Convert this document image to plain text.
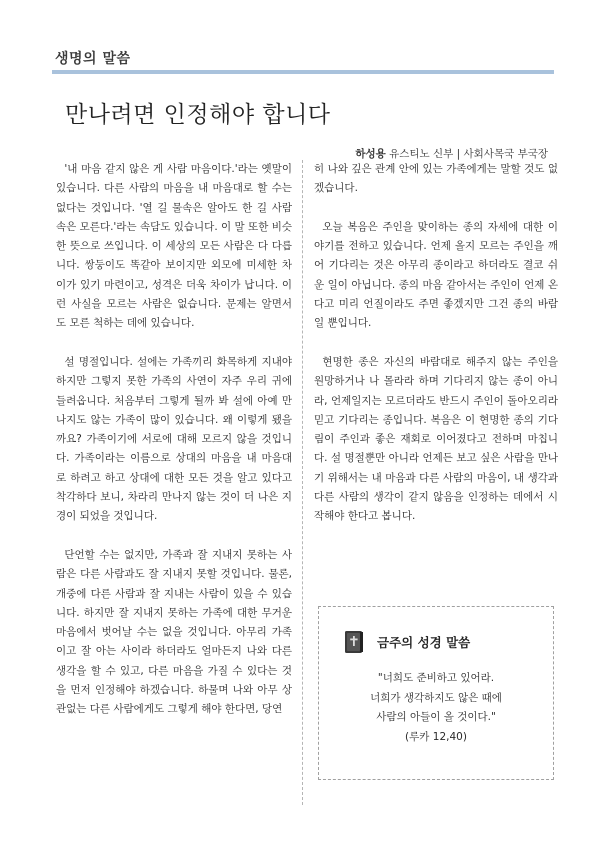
생명의 말씀
만나려면 인정해야 합니다
하성용 유스티노 신부 | 사회사목국 부국장

'내 마음 같지 않은 게 사람 마음이다.'라는 옛말이 있습니다. 다른 사람의 마음을 내 마음대로 할 수는 없다는 것입니다. '열 길 물속은 알아도 한 길 사람 속은 모른다.'라는 속담도 있습니다. 이 말 또한 비슷한 뜻으로 쓰입니다. 이 세상의 모든 사람은 다 다릅니다. 쌍둥이도 똑같아 보이지만 외모에 미세한 차이가 있기 마련이고, 성격은 더욱 차이가 납니다. 이런 사실을 모르는 사람은 없습니다. 문제는 알면서도 모른 척하는 데에 있습니다.

설 명절입니다. 설에는 가족끼리 화목하게 지내야 하지만 그렇지 못한 가족의 사연이 자주 우리 귀에 들려옵니다. 처음부터 그렇게 될까 봐 설에 아예 만나지도 않는 가족이 많이 있습니다. 왜 이렇게 됐을까요? 가족이기에 서로에 대해 모르지 않을 것입니다. 가족이라는 이름으로 상대의 마음을 내 마음대로 하려고 하고 상대에 대한 모든 것을 알고 있다고 착각하다 보니, 차라리 만나지 않는 것이 더 나은 지경이 되었을 것입니다.

단언할 수는 없지만, 가족과 잘 지내지 못하는 사람은 다른 사람과도 잘 지내지 못할 것입니다. 물론, 개중에 다른 사람과 잘 지내는 사람이 있을 수 있습니다. 하지만 잘 지내지 못하는 가족에 대한 무거운 마음에서 벗어날 수는 없을 것입니다. 아무리 가족이고 잘 아는 사이라 하더라도 얼마든지 나와 다른 생각을 할 수 있고, 다른 마음을 가질 수 있다는 것을 먼저 인정해야 하겠습니다. 하물며 나와 아무 상관없는 다른 사람에게도 그렇게 해야 한다면, 당연

히 나와 깊은 관계 안에 있는 가족에게는 말할 것도 없겠습니다.

오늘 복음은 주인을 맞이하는 종의 자세에 대한 이야기를 전하고 있습니다. 언제 올지 모르는 주인을 깨어 기다리는 것은 아무리 종이라고 하더라도 결코 쉬운 일이 아닙니다. 종의 마음 같아서는 주인이 언제 온다고 미리 언질이라도 주면 좋겠지만 그건 종의 바람일 뿐입니다.

현명한 종은 자신의 바람대로 해주지 않는 주인을 원망하거나 나 몰라라 하며 기다리지 않는 종이 아니라, 언제일지는 모르더라도 반드시 주인이 돌아오리라 믿고 기다리는 종입니다. 복음은 이 현명한 종의 기다림이 주인과 좋은 재회로 이어졌다고 전하며 마칩니다. 설 명절뿐만 아니라 언제든 보고 싶은 사람을 만나기 위해서는 내 마음과 다른 사람의 마음이, 내 생각과 다른 사람의 생각이 같지 않음을 인정하는 데에서 시작해야 한다고 봅니다.

금주의 성경 말씀
"너희도 준비하고 있어라.
너희가 생각하지도 않은 때에
사람의 아들이 올 것이다."
(루카 12,40)
